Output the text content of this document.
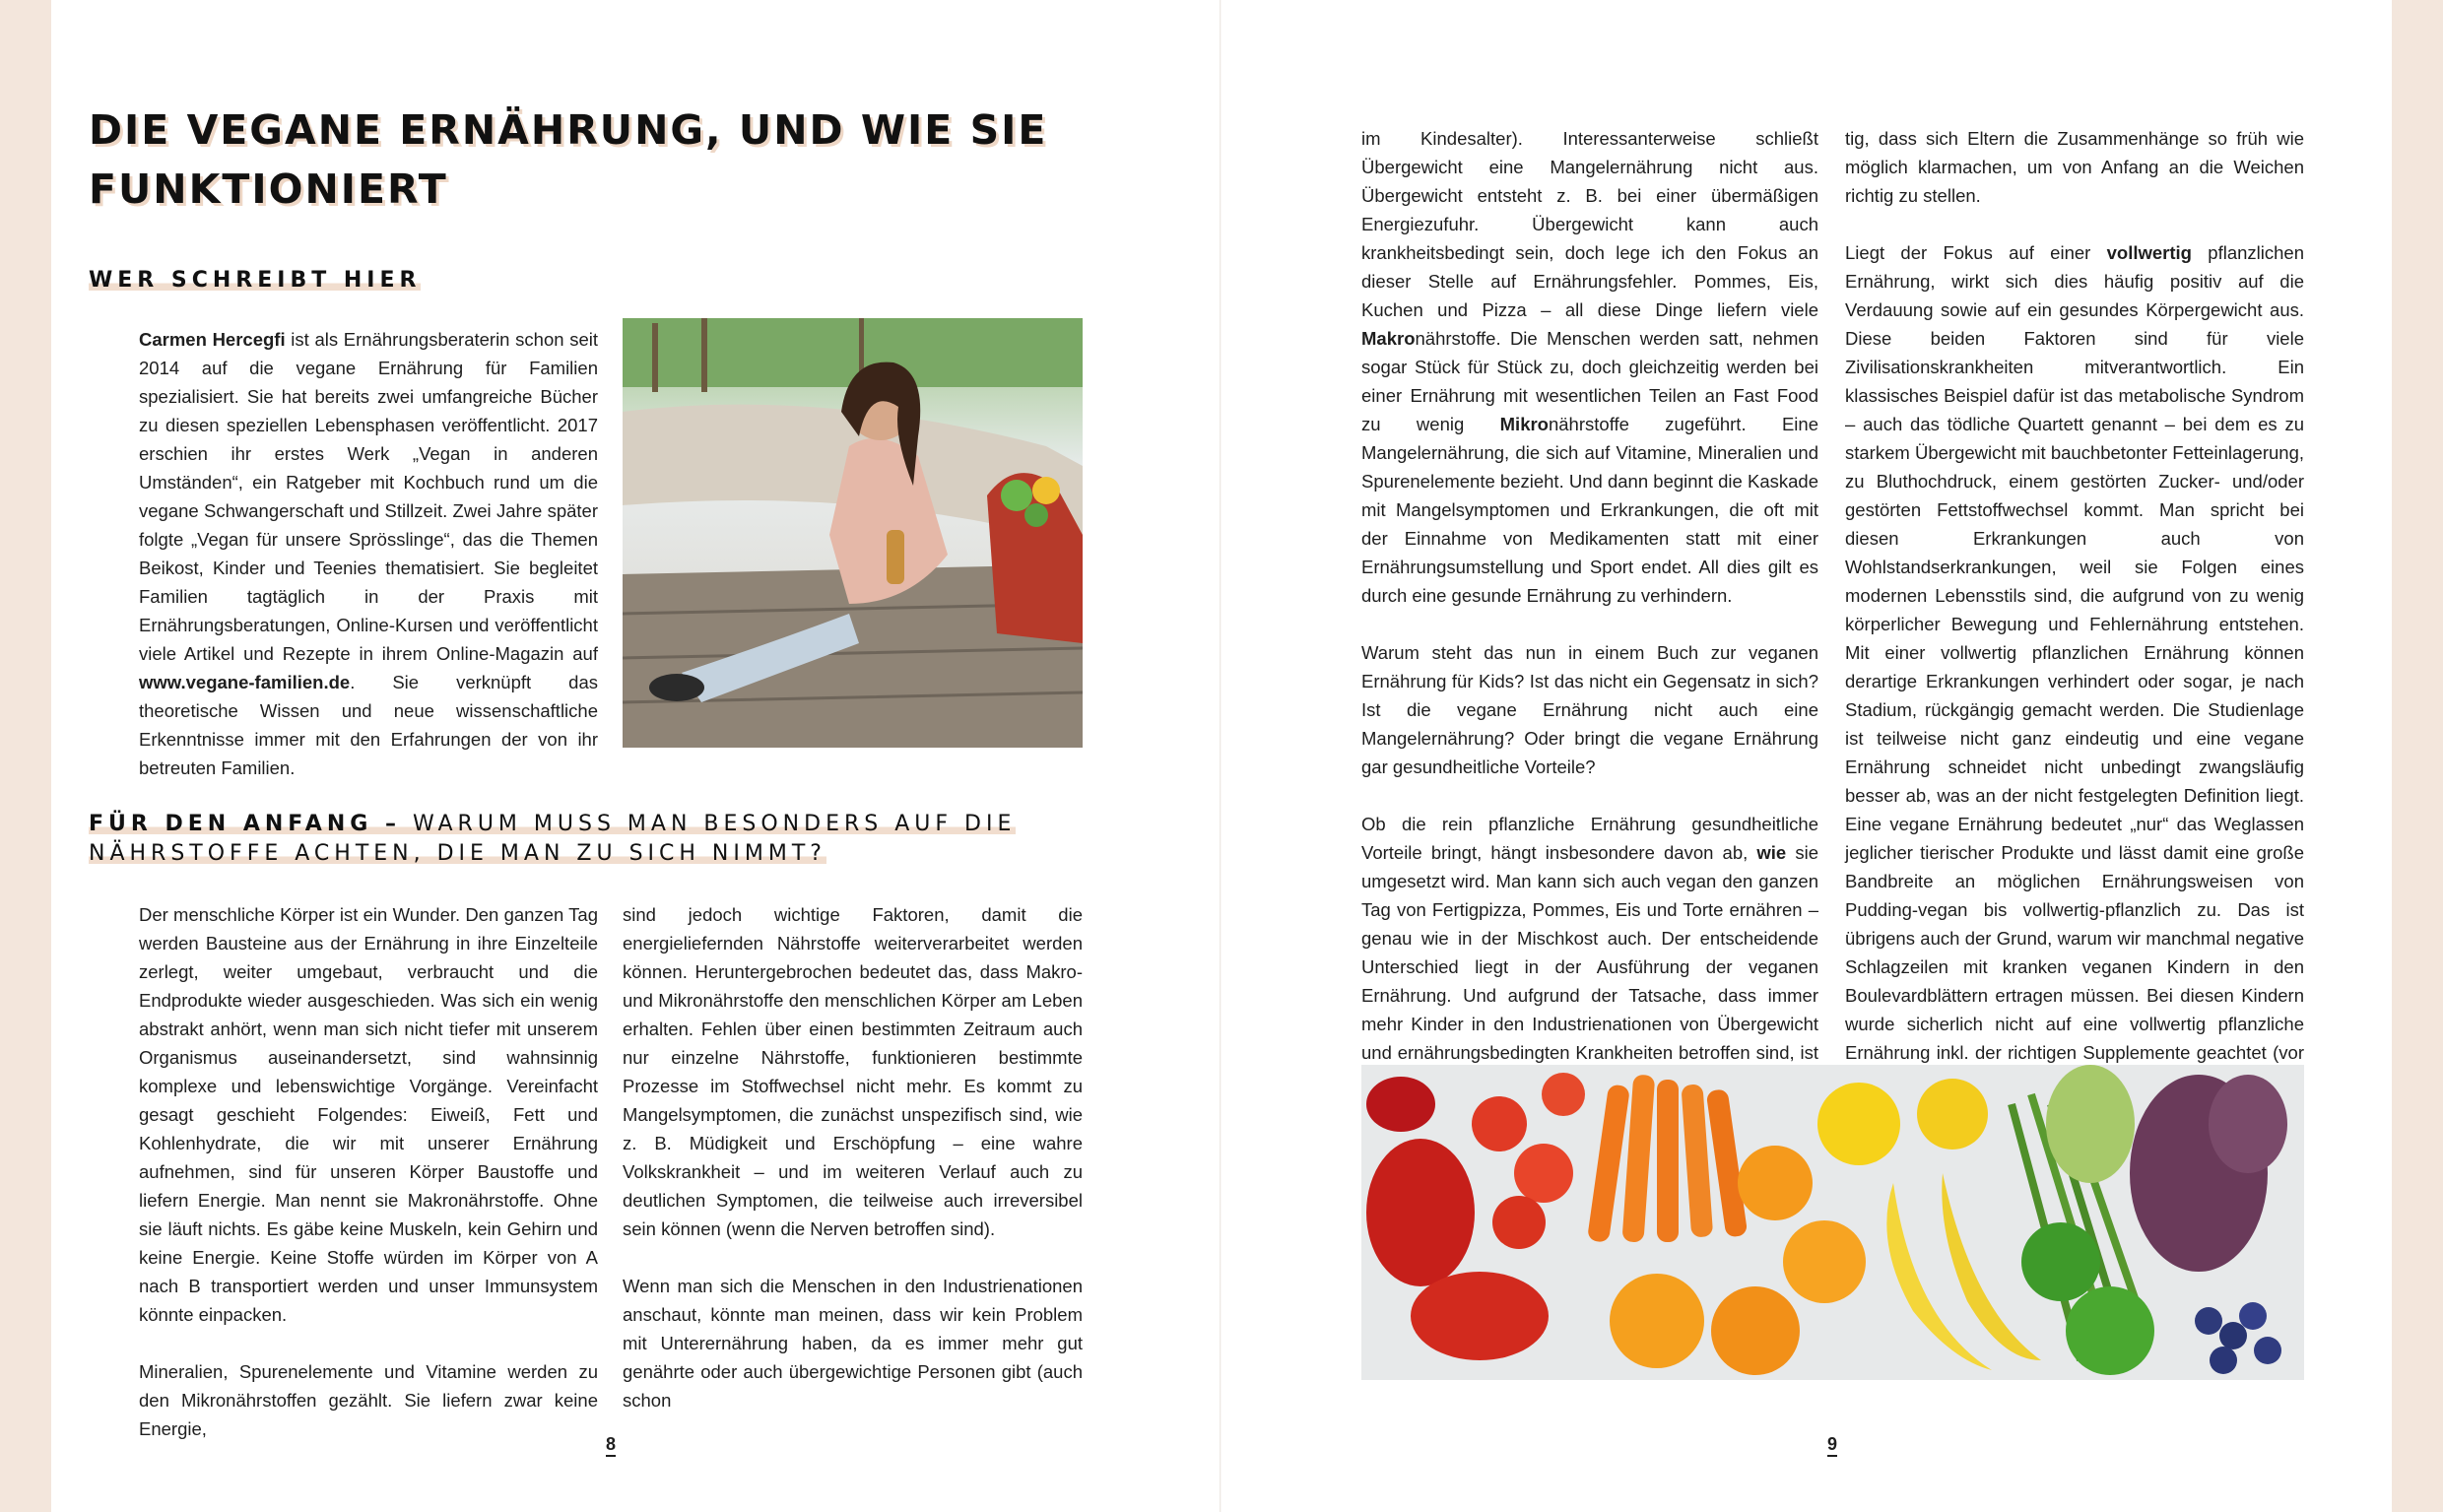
DIE VEGANE ERNÄHRUNG, UND WIE SIE FUNKTIONIERT
WER SCHREIBT HIER

Carmen Hercegfi ist als Ernährungsberaterin schon seit 2014 auf die vegane Ernährung für Familien spezialisiert. Sie hat bereits zwei umfangreiche Bücher zu diesen speziellen Lebensphasen veröffentlicht. 2017 erschien ihr erstes Werk „Vegan in anderen Umständen“, ein Ratgeber mit Kochbuch rund um die vegane Schwangerschaft und Stillzeit. Zwei Jahre später folgte „Vegan für unsere Sprösslinge“, das die Themen Beikost, Kinder und Teenies thematisiert. Sie begleitet Familien tagtäglich in der Praxis mit Ernährungsberatungen, Online-Kursen und veröffentlicht viele Artikel und Rezepte in ihrem Online-Magazin auf www.vegane-familien.de. Sie verknüpft das theoretische Wissen und neue wissenschaftliche Erkenntnisse immer mit den Erfahrungen der von ihr betreuten Familien.

FÜR DEN ANFANG – WARUM MUSS MAN BESONDERS AUF DIE NÄHRSTOFFE ACHTEN, DIE MAN ZU SICH NIMMT?

Der menschliche Körper ist ein Wunder. Den ganzen Tag werden Bausteine aus der Ernährung in ihre Einzelteile zerlegt, weiter umgebaut, verbraucht und die Endprodukte wieder ausgeschieden. Was sich ein wenig abstrakt anhört, wenn man sich nicht tiefer mit unserem Organismus auseinandersetzt, sind wahnsinnig komplexe und lebenswichtige Vorgänge. Vereinfacht gesagt geschieht Folgendes: Eiweiß, Fett und Kohlenhydrate, die wir mit unserer Ernährung aufnehmen, sind für unseren Körper Baustoffe und liefern Energie. Man nennt sie Makronährstoffe. Ohne sie läuft nichts. Es gäbe keine Muskeln, kein Gehirn und keine Energie. Keine Stoffe würden im Körper von A nach B transportiert werden und unser Immunsystem könnte einpacken.

Mineralien, Spurenelemente und Vitamine werden zu den Mikronährstoffen gezählt. Sie liefern zwar keine Energie,

sind jedoch wichtige Faktoren, damit die energieliefernden Nährstoffe weiterverarbeitet werden können. Heruntergebrochen bedeutet das, dass Makro- und Mikronährstoffe den menschlichen Körper am Leben erhalten. Fehlen über einen bestimmten Zeitraum auch nur einzelne Nährstoffe, funktionieren bestimmte Prozesse im Stoffwechsel nicht mehr. Es kommt zu Mangelsymptomen, die zunächst unspezifisch sind, wie z. B. Müdigkeit und Erschöpfung – eine wahre Volkskrankheit – und im weiteren Verlauf auch zu deutlichen Symptomen, die teilweise auch irreversibel sein können (wenn die Nerven betroffen sind).

Wenn man sich die Menschen in den Industrienationen anschaut, könnte man meinen, dass wir kein Problem mit Unterernährung haben, da es immer mehr gut genährte oder auch übergewichtige Personen gibt (auch schon

im Kindesalter). Interessanterweise schließt Übergewicht eine Mangelernährung nicht aus. Übergewicht entsteht z. B. bei einer übermäßigen Energiezufuhr. Übergewicht kann auch krankheitsbedingt sein, doch lege ich den Fokus an dieser Stelle auf Ernährungsfehler. Pommes, Eis, Kuchen und Pizza – all diese Dinge liefern viele Makronährstoffe. Die Menschen werden satt, nehmen sogar Stück für Stück zu, doch gleichzeitig werden bei einer Ernährung mit wesentlichen Teilen an Fast Food zu wenig Mikronährstoffe zugeführt. Eine Mangelernährung, die sich auf Vitamine, Mineralien und Spurenelemente bezieht. Und dann beginnt die Kaskade mit Mangelsymptomen und Erkrankungen, die oft mit der Einnahme von Medikamenten statt mit einer Ernährungsumstellung und Sport endet. All dies gilt es durch eine gesunde Ernährung zu verhindern.

Warum steht das nun in einem Buch zur veganen Ernährung für Kids? Ist das nicht ein Gegensatz in sich? Ist die vegane Ernährung nicht auch eine Mangelernährung? Oder bringt die vegane Ernährung gar gesundheitliche Vorteile?

Ob die rein pflanzliche Ernährung gesundheitliche Vorteile bringt, hängt insbesondere davon ab, wie sie umgesetzt wird. Man kann sich auch vegan den ganzen Tag von Fertigpizza, Pommes, Eis und Torte ernähren – genau wie in der Mischkost auch. Der entscheidende Unterschied liegt in der Ausführung der veganen Ernährung. Und aufgrund der Tatsache, dass immer mehr Kinder in den Industrienationen von Übergewicht und ernährungsbedingten Krankheiten betroffen sind, ist

tig, dass sich Eltern die Zusammenhänge so früh wie möglich klarmachen, um von Anfang an die Weichen richtig zu stellen.

Liegt der Fokus auf einer vollwertig pflanzlichen Ernährung, wirkt sich dies häufig positiv auf die Verdauung sowie auf ein gesundes Körpergewicht aus. Diese beiden Faktoren sind für viele Zivilisationskrankheiten mitverantwortlich. Ein klassisches Beispiel dafür ist das metabolische Syndrom – auch das tödliche Quartett genannt – bei dem es zu starkem Übergewicht mit bauchbetonter Fetteinlagerung, zu Bluthochdruck, einem gestörten Zucker- und/oder gestörten Fettstoffwechsel kommt. Man spricht bei diesen Erkrankungen auch von Wohlstandserkrankungen, weil sie Folgen eines modernen Lebensstils sind, die aufgrund von zu wenig körperlicher Bewegung und Fehlernährung entstehen. Mit einer vollwertig pflanzlichen Ernährung können derartige Erkrankungen verhindert oder sogar, je nach Stadium, rückgängig gemacht werden. Die Studienlage ist teilweise nicht ganz eindeutig und eine vegane Ernährung schneidet nicht unbedingt zwangsläufig besser ab, was an der nicht festgelegten Definition liegt. Eine vegane Ernährung bedeutet „nur“ das Weglassen jeglicher tierischer Produkte und lässt damit eine große Bandbreite an möglichen Ernährungsweisen von Pudding-vegan bis vollwertig-pflanzlich zu. Das ist übrigens auch der Grund, warum wir manchmal negative Schlagzeilen mit kranken veganen Kindern in den Boulevardblättern ertragen müssen. Bei diesen Kindern wurde sicherlich nicht auf eine vollwertig pflanzliche Ernährung inkl. der richtigen Supplemente geachtet (vor

8	9
